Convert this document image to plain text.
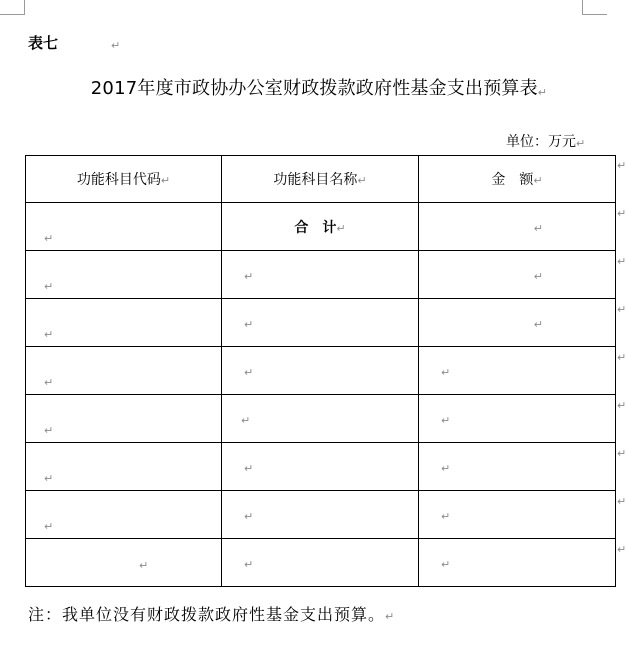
表七	↵
2017年度市政协办公室财政拨款政府性基金支出预算表↵
单位：万元↵
功能科目代码↵	功能科目名称↵	金　额↵

↵	合　计↵	↵

↵	↵	↵

↵	↵	↵

↵	↵	↵

↵	↵	↵

↵	↵	↵

↵	↵	↵

↵	↵	↵
↵
↵
↵
↵
↵
↵
↵
↵
↵
注：我单位没有财政拨款政府性基金支出预算。↵
